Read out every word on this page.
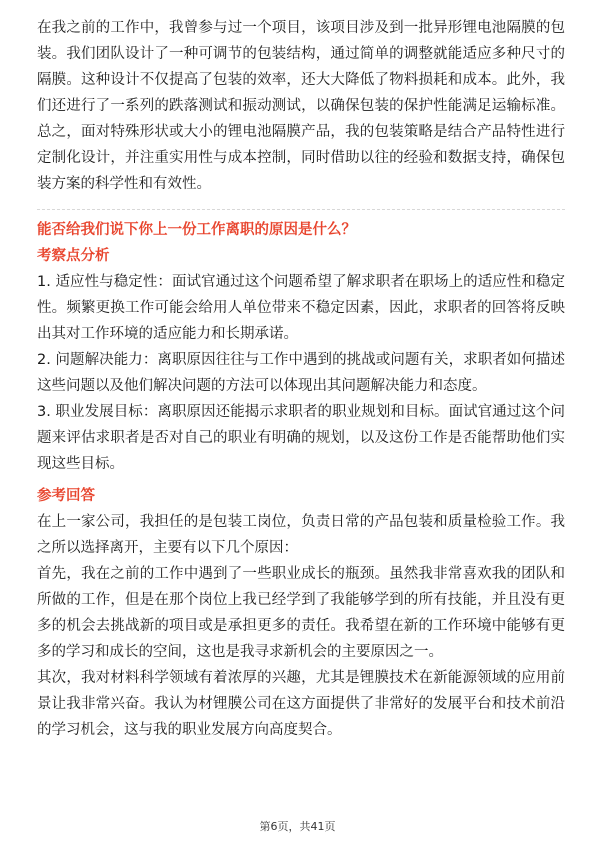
在我之前的工作中，我曾参与过一个项目，该项目涉及到一批异形锂电池隔膜的包装。我们团队设计了一种可调节的包装结构，通过简单的调整就能适应多种尺寸的隔膜。这种设计不仅提高了包装的效率，还大大降低了物料损耗和成本。此外，我们还进行了一系列的跌落测试和振动测试，以确保包装的保护性能满足运输标准。总之，面对特殊形状或大小的锂电池隔膜产品，我的包装策略是结合产品特性进行定制化设计，并注重实用性与成本控制，同时借助以往的经验和数据支持，确保包装方案的科学性和有效性。

能否给我们说下你上一份工作离职的原因是什么？

考察点分析

1. 适应性与稳定性：面试官通过这个问题希望了解求职者在职场上的适应性和稳定性。频繁更换工作可能会给用人单位带来不稳定因素，因此，求职者的回答将反映出其对工作环境的适应能力和长期承诺。

2. 问题解决能力：离职原因往往与工作中遇到的挑战或问题有关，求职者如何描述这些问题以及他们解决问题的方法可以体现出其问题解决能力和态度。

3. 职业发展目标：离职原因还能揭示求职者的职业规划和目标。面试官通过这个问题来评估求职者是否对自己的职业有明确的规划，以及这份工作是否能帮助他们实现这些目标。

参考回答

在上一家公司，我担任的是包装工岗位，负责日常的产品包装和质量检验工作。我之所以选择离开，主要有以下几个原因：

首先，我在之前的工作中遇到了一些职业成长的瓶颈。虽然我非常喜欢我的团队和所做的工作，但是在那个岗位上我已经学到了我能够学到的所有技能，并且没有更多的机会去挑战新的项目或是承担更多的责任。我希望在新的工作环境中能够有更多的学习和成长的空间，这也是我寻求新机会的主要原因之一。

其次，我对材料科学领域有着浓厚的兴趣，尤其是锂膜技术在新能源领域的应用前景让我非常兴奋。我认为材锂膜公司在这方面提供了非常好的发展平台和技术前沿的学习机会，这与我的职业发展方向高度契合。

第6页，共41页
